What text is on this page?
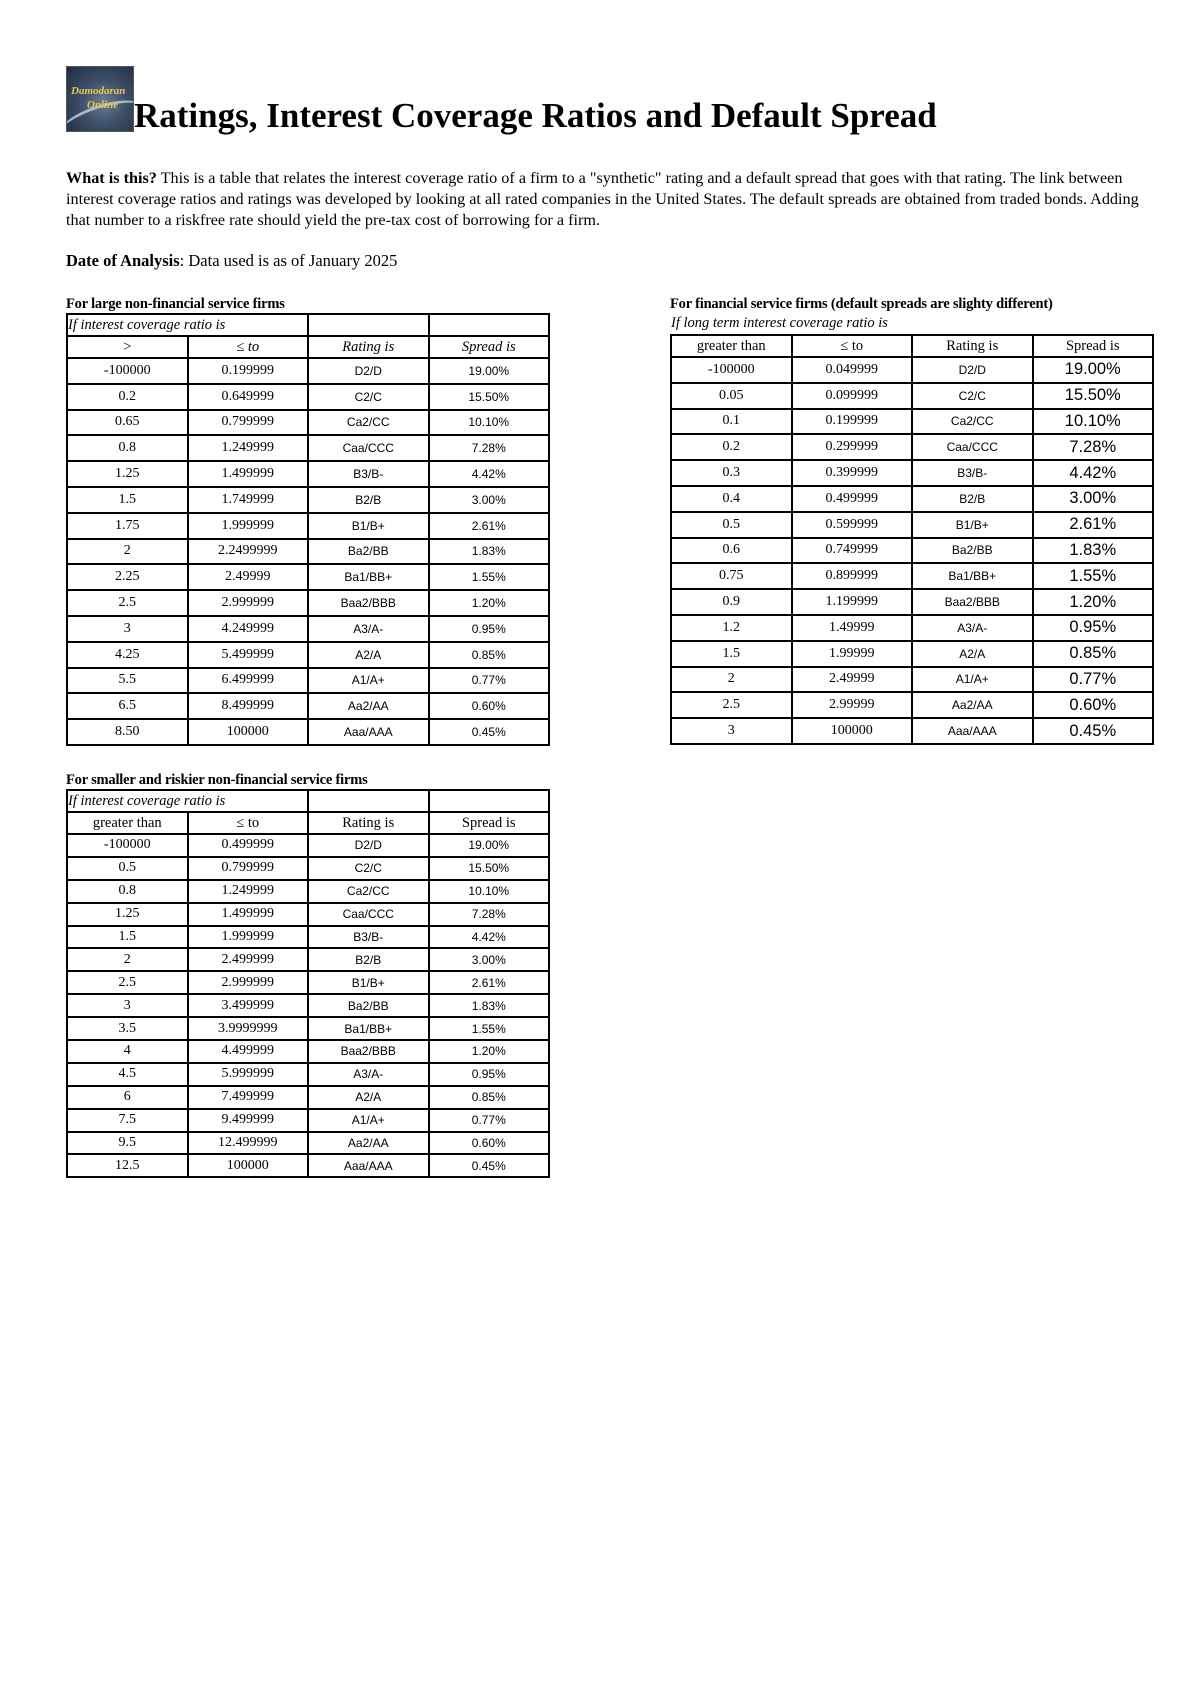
Damodaran
Online Ratings, Interest Coverage Ratios and Default Spread
What is this? This is a table that relates the interest coverage ratio of a firm to a "synthetic" rating and a default spread that goes with that rating. The link between interest coverage ratios and ratings was developed by looking at all rated companies in the United States. The default spreads are obtained from traded bonds. Adding that number to a riskfree rate should yield the pre-tax cost of borrowing for a firm.
Date of Analysis: Data used is as of January 2025
For large non-financial service firms
If interest coverage ratio is			
>	≤ to	Rating is	Spread is
-100000	0.199999	D2/D	19.00%
0.2	0.649999	C2/C	15.50%
0.65	0.799999	Ca2/CC	10.10%
0.8	1.249999	Caa/CCC	7.28%
1.25	1.499999	B3/B-	4.42%
1.5	1.749999	B2/B	3.00%
1.75	1.999999	B1/B+	2.61%
2	2.2499999	Ba2/BB	1.83%
2.25	2.49999	Ba1/BB+	1.55%
2.5	2.999999	Baa2/BBB	1.20%
3	4.249999	A3/A-	0.95%
4.25	5.499999	A2/A	0.85%
5.5	6.499999	A1/A+	0.77%
6.5	8.499999	Aa2/AA	0.60%
8.50	100000	Aaa/AAA	0.45%
For financial service firms (default spreads are slighty different)
If long term interest coverage ratio is			
greater than	≤ to	Rating is	Spread is
-100000	0.049999	D2/D	19.00%
0.05	0.099999	C2/C	15.50%
0.1	0.199999	Ca2/CC	10.10%
0.2	0.299999	Caa/CCC	7.28%
0.3	0.399999	B3/B-	4.42%
0.4	0.499999	B2/B	3.00%
0.5	0.599999	B1/B+	2.61%
0.6	0.749999	Ba2/BB	1.83%
0.75	0.899999	Ba1/BB+	1.55%
0.9	1.199999	Baa2/BBB	1.20%
1.2	1.49999	A3/A-	0.95%
1.5	1.99999	A2/A	0.85%
2	2.49999	A1/A+	0.77%
2.5	2.99999	Aa2/AA	0.60%
3	100000	Aaa/AAA	0.45%
For smaller and riskier non-financial service firms
If interest coverage ratio is			
greater than	≤ to	Rating is	Spread is
-100000	0.499999	D2/D	19.00%
0.5	0.799999	C2/C	15.50%
0.8	1.249999	Ca2/CC	10.10%
1.25	1.499999	Caa/CCC	7.28%
1.5	1.999999	B3/B-	4.42%
2	2.499999	B2/B	3.00%
2.5	2.999999	B1/B+	2.61%
3	3.499999	Ba2/BB	1.83%
3.5	3.9999999	Ba1/BB+	1.55%
4	4.499999	Baa2/BBB	1.20%
4.5	5.999999	A3/A-	0.95%
6	7.499999	A2/A	0.85%
7.5	9.499999	A1/A+	0.77%
9.5	12.499999	Aa2/AA	0.60%
12.5	100000	Aaa/AAA	0.45%
